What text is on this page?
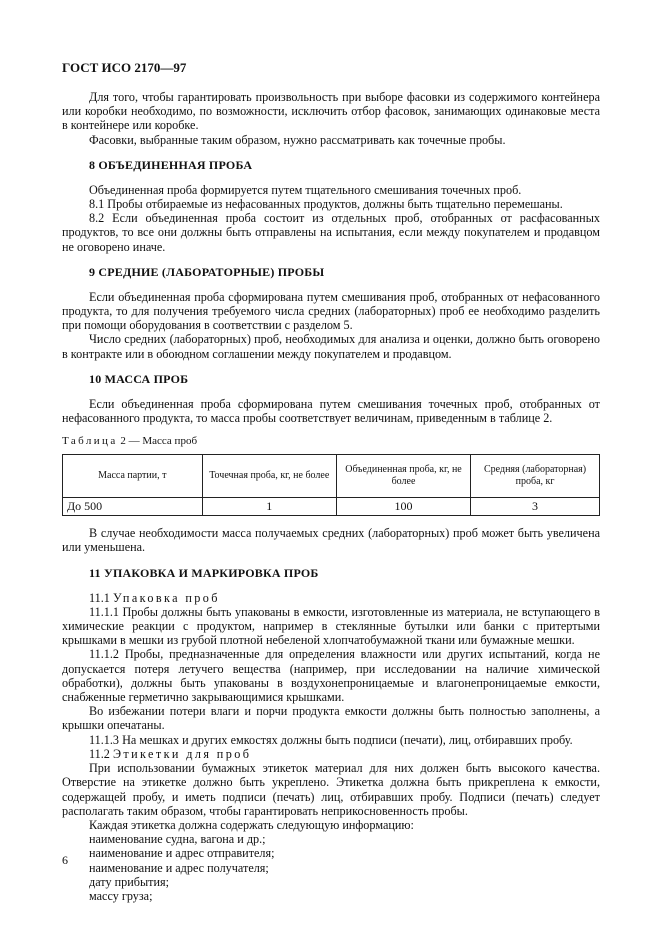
ГОСТ ИСО 2170—97

Для того, чтобы гарантировать произвольность при выборе фасовки из содержимого контейнера или коробки необходимо, по возможности, исключить отбор фасовок, занимающих одинаковые места в контейнере или коробке.

Фасовки, выбранные таким образом, нужно рассматривать как точечные пробы.

8 ОБЪЕДИНЕННАЯ ПРОБА

Объединенная проба формируется путем тщательного смешивания точечных проб.

8.1 Пробы отбираемые из нефасованных продуктов, должны быть тщательно перемешаны.

8.2 Если объединенная проба состоит из отдельных проб, отобранных от расфасованных продуктов, то все они должны быть отправлены на испытания, если между покупателем и продавцом не оговорено иначе.

9 СРЕДНИЕ (ЛАБОРАТОРНЫЕ) ПРОБЫ

Если объединенная проба сформирована путем смешивания проб, отобранных от нефасованного продукта, то для получения требуемого числа средних (лабораторных) проб ее необходимо разделить при помощи оборудования в соответствии с разделом 5.

Число средних (лабораторных) проб, необходимых для анализа и оценки, должно быть оговорено в контракте или в обоюдном соглашении между покупателем и продавцом.

10 МАССА ПРОБ

Если объединенная проба сформирована путем смешивания точечных проб, отобранных от нефасованного продукта, то масса пробы соответствует величинам, приведенным в таблице 2.

Таблица 2 — Масса проб
Масса партии, т	Точечная проба, кг, не более	Объединенная проба, кг, не более	Средняя (лабораторная) проба, кг
До 500	1	100	3

В случае необходимости масса получаемых средних (лабораторных) проб может быть увеличена или уменьшена.

11 УПАКОВКА И МАРКИРОВКА ПРОБ

11.1 Упаковка проб

11.1.1 Пробы должны быть упакованы в емкости, изготовленные из материала, не вступающего в химические реакции с продуктом, например в стеклянные бутылки или банки с притертыми крышками в мешки из грубой плотной небеленой хлопчатобумажной ткани или бумажные мешки.

11.1.2 Пробы, предназначенные для определения влажности или других испытаний, когда не допускается потеря летучего вещества (например, при исследовании на наличие химической обработки), должны быть упакованы в воздухонепроницаемые и влагонепроницаемые емкости, снабженные герметично закрывающимися крышками.

Во избежании потери влаги и порчи продукта емкости должны быть полностью заполнены, а крышки опечатаны.

11.1.3 На мешках и других емкостях должны быть подписи (печати), лиц, отбиравших пробу.

11.2 Этикетки для проб

При использовании бумажных этикеток материал для них должен быть высокого качества. Отверстие на этикетке должно быть укреплено. Этикетка должна быть прикреплена к емкости, содержащей пробу, и иметь подписи (печать) лиц, отбиравших пробу. Подписи (печать) следует располагать таким образом, чтобы гарантировать неприкосновенность пробы.

Каждая этикетка должна содержать следующую информацию:

наименование судна, вагона и др.;

наименование и адрес отправителя;

наименование и адрес получателя;

дату прибытия;

массу груза;

6
